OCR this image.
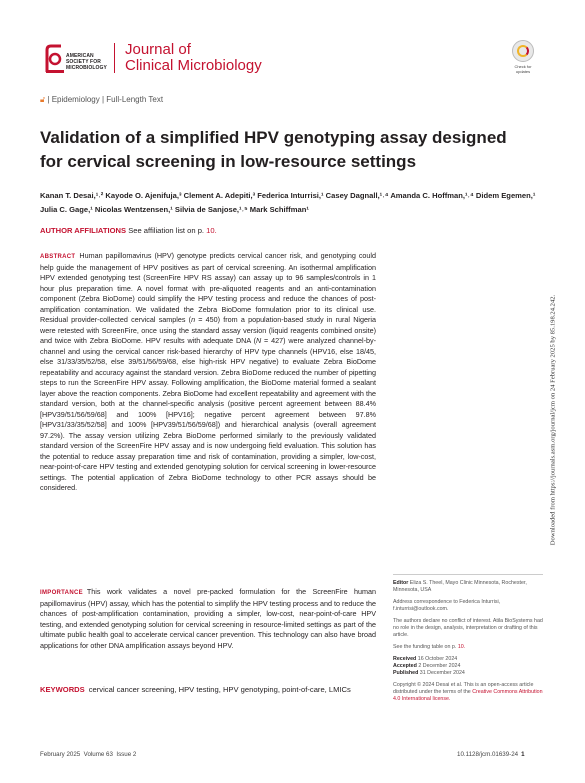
AMERICAN
SOCIETY FOR
MICROBIOLOGY
Journal of
Clinical Microbiology	Check for
updates
🔓︎ | Epidemiology | Full-Length Text
Validation of a simplified HPV genotyping assay designed for cervical screening in low-resource settings
Kanan T. Desai,¹˒² Kayode O. Ajenifuja,³ Clement A. Adepiti,³ Federica Inturrisi,¹ Casey Dagnall,¹˒⁴ Amanda C. Hoffman,¹˒⁴ Didem Egemen,¹ Julia C. Gage,¹ Nicolas Wentzensen,¹ Silvia de Sanjose,¹˒⁵ Mark Schiffman¹
AUTHOR AFFILIATIONS See affiliation list on p. 10.
ABSTRACT Human papillomavirus (HPV) genotype predicts cervical cancer risk, and genotyping could help guide the management of HPV positives as part of cervical screening. An isothermal amplification HPV extended genotyping test (ScreenFire HPV RS assay) can assay up to 96 samples/controls in 1 hour plus preparation time. A novel format with pre-aliquoted reagents and an anti-contamination component (Zebra BioDome) could simplify the HPV testing process and reduce the chances of post-amplification contamination. We validated the Zebra BioDome formulation prior to its clinical use. Residual provider-collected cervical samples (n = 450) from a population-based study in rural Nigeria were retested with ScreenFire, once using the standard assay version (liquid reagents combined onsite) and twice with Zebra BioDome. HPV results with adequate DNA (N = 427) were analyzed channel-by-channel and using the cervical cancer risk-based hierarchy of HPV type channels (HPV16, else 18/45, else 31/33/35/52/58, else 39/51/56/59/68, else high-risk HPV negative) to evaluate Zebra BioDome repeatability and accuracy against the standard version. Zebra BioDome reduced the number of pipetting steps to run the ScreenFire HPV assay. Following amplification, the BioDome material formed a sealant layer above the reaction components. Zebra BioDome had excellent repeatability and agreement with the standard version, both at the channel-specific analysis (positive percent agreement between 88.4% [HPV39/51/56/59/68] and 100% [HPV16]; negative percent agreement between 97.8% [HPV31/33/35/52/58] and 100% [HPV39/51/56/59/68]) and hierarchical analysis (overall agreement 97.2%). The assay version utilizing Zebra BioDome performed similarly to the previously validated standard version of the ScreenFire HPV assay and is now undergoing field evaluation. This solution has the potential to reduce assay preparation time and risk of contamination, providing a simpler, low-cost, near-point-of-care HPV testing and extended genotyping solution for cervical screening in lower-resource settings. The potential application of Zebra BioDome technology to other PCR assays should be considered.
IMPORTANCE This work validates a novel pre-packed formulation for the ScreenFire human papillomavirus (HPV) assay, which has the potential to simplify the HPV testing process and to reduce the chances of post-amplification contamination, providing a simpler, low-cost, near-point-of-care HPV testing, and extended genotyping solution for cervical screening in resource-limited settings as part of the ultimate public health goal to accelerate cervical cancer prevention. This technology can also have broad applications for other DNA amplification assays beyond HPV.
KEYWORDS cervical cancer screening, HPV testing, HPV genotyping, point-of-care, LMICs

Editor Eliza S. Theel, Mayo Clinic Minnesota, Rochester, Minnesota, USA

Address correspondence to Federica Inturrisi, f.inturrisi@outlook.com.

The authors declare no conflict of interest. Atila BioSystems had no role in the design, analysis, interpretation or drafting of this article.

See the funding table on p. 10.

Received 16 October 2024
Accepted 2 December 2024
Published 31 December 2024

Copyright © 2024 Desai et al. This is an open-access article distributed under the terms of the Creative Commons Attribution 4.0 International license.

February 2025  Volume 63  Issue 2	10.1128/jcm.01639-24 1
Downloaded from https://journals.asm.org/journal/jcm on 24 February 2025 by 85.198.24.242.
